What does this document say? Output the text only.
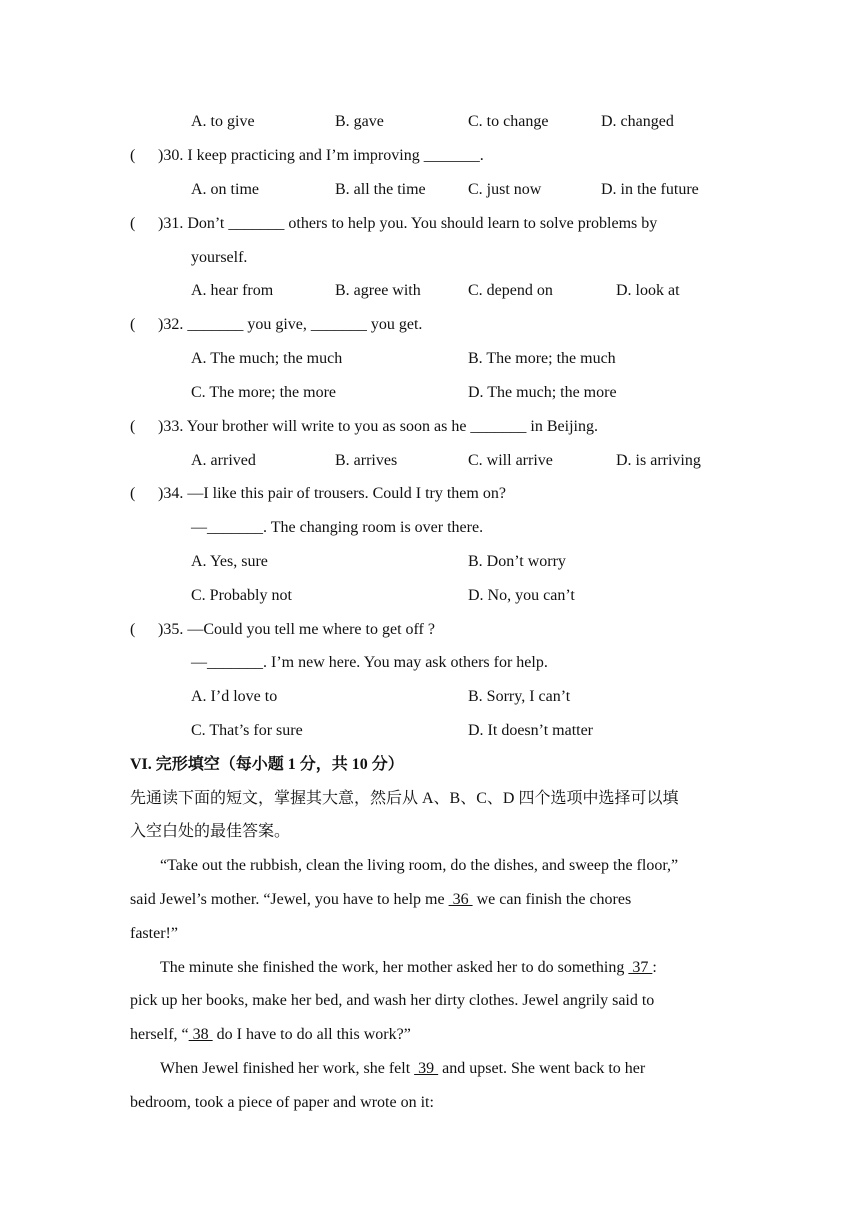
A. to give	B. gave	C. to change	D. changed
( )30. I keep practicing and I’m improving _______.
A. on time	B. all the time	C. just now	D. in the future
( )31. Don’t _______ others to help you. You should learn to solve problems by
yourself.
A. hear from	B. agree with	C. depend on	D. look at
( )32. _______ you give, _______ you get.
A. The much; the much	B. The more; the much
C. The more; the more	D. The much; the more
( )33. Your brother will write to you as soon as he _______ in Beijing.
A. arrived	B. arrives	C. will arrive	D. is arriving
( )34. —I like this pair of trousers. Could I try them on?
—_______. The changing room is over there.
A. Yes, sure	B. Don’t worry
C. Probably not	D. No, you can’t
( )35. —Could you tell me where to get off ?
—_______. I’m new here. You may ask others for help.
A. I’d love to	B. Sorry, I can’t
C. That’s for sure	D. It doesn’t matter
VI. 完形填空（每小题 1 分，共 10 分）
先通读下面的短文，掌握其大意，然后从 A、B、C、D 四个选项中选择可以填
入空白处的最佳答案。
“Take out the rubbish, clean the living room, do the dishes, and sweep the floor,”
said Jewel’s mother. “Jewel, you have to help me  36  we can finish the chores
faster!”
The minute she finished the work, her mother asked her to do something  37 :
pick up her books, make her bed, and wash her dirty clothes. Jewel angrily said to
herself, “ 38  do I have to do all this work?”
When Jewel finished her work, she felt  39  and upset. She went back to her
bedroom, took a piece of paper and wrote on it:
